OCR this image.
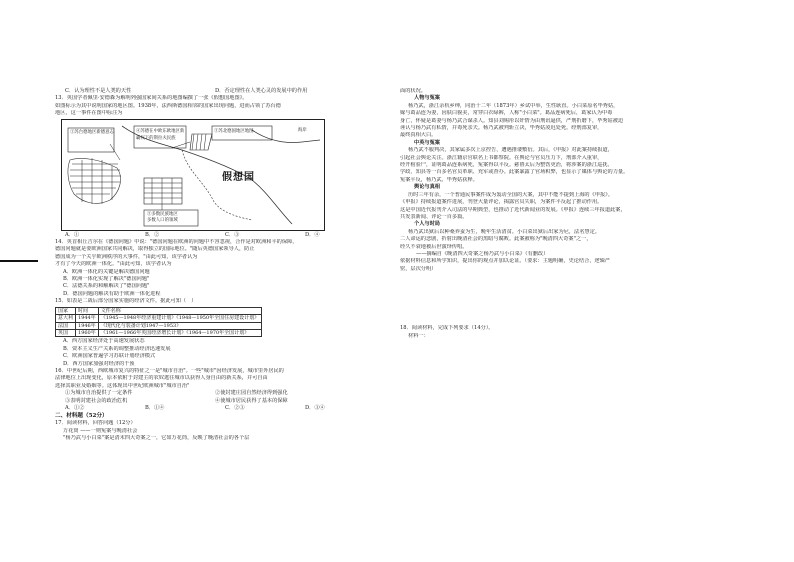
C．认为理性不是人类的天性	D．否定理性在人类心灵的发展中的作用
13．英国学者佩里·安德森为解明列强国家间关系的地图编撰了一张《假想国地图》。
如图标示为其中说明国家的地区图。1938年，法西斯德国相邻的国家出现问题，进而占领了苏台德
地区，这一事件在图中标注为
①苏台德地区新德意志	③苏北德国地区地图
④苏德在中欧东欧地区新
霸权下的斯拉夫民族
海岸
假想国
⑤多数民族地区
多数人口的领域
A．①	B．②	C．③	D．④
14．英首相丘吉尔在《德国问题》中说："德国问题在欧洲的问题中不容忽视，合作是对欧洲和平的保障，
德国问题就是要欧洲国家共同解决，取得独立的国际地位。"随后英德国家领导人，防止
德国成为一个关乎欧洲秩序的大事件，"由此可知，该学者认为
才有了今天的欧洲一体化。"由此可知，该学者认为
A．欧洲一体化的关键是解决德国问题
B．欧洲一体化实现了解决"德国问题"
C．法德关系的和解解决了"德国问题"
D．德国问题的解决有助于欧洲一体化进程
15．如表是二战后部分国家实施的经济文件。据此可知（　）
国家	时间	文件名称
意大利	1944年	《1945—1948年经济重建计划》《1948—1950年全国住房建设计划》
法国	1946年	《现代化与装备计划1947—1953》
英国	1960年	《1961—1966年英国经济增长计划》《1964—1970年全国计划》
A．西方国家经济处于高速发展状态
B．资本主义生产关系的调整推动经济迅速发展
C．欧洲国家普遍学习苏联计划经济模式
D．西方国家加强对经济的干预
16．中世纪后期，西欧城市复兴的特征之一是"城市自治"。一些"城市"因经济发展，城市里外居民的
法律地位上出现变化，原本依附于封建主的农奴逃往城市以获得人身自由的新关系，并可自由
选择其职业及婚姻等。这体现出中世纪欧洲城市"城市自治"
①为城市自治提供了一定条件	②使封建庄园自然经济得到强化
③表明封建社会的政治危机	④使城市居民获得了基本的保障
A．①②	B．①④	C．②③	D．③④
二、材料题（52分）
17．阅读材料，回答问题（12分）
万花筒 ——一则冤案与晚清社会
"杨乃武与小白菜"案是清末四大奇案之一，它如万花筒，反映了晚清社会的各个层
面的状况。
人物与冤案
杨乃武，浙江余杭乡绅，同治十二年（1873年）乡试中举，生性耿直。小白菜原名毕秀姑，
嫁与葛品连为妻，因肤白貌美，常穿白衣绿裤，人称"小白菜"。葛品连病死后，葛家认为中毒
身亡，怀疑是葛妻与杨乃武合谋杀人。知县刘锡彤以奸情为由刑讯逼供，严刑折磨下，毕秀姑被迫
诬认与杨乃武有私情，并毒死亲夫。杨乃武被判斩立决，毕秀姑凌迟处死。经刑部复审，
最终真相大白。
中英与冤案
杨乃武不服判决，其家属多次上京控告，遭遇推诿敷衍。其后，《申报》对此案持续报道，
引起社会舆论关注。浙江籍京官联名上书都察院。在舆论与官员压力下，刑部介入重审，
经开棺验尸，证明葛品连系病死，冤案得以平反。慈禧太后为整饬吏治，将涉案的浙江巡抚、
学政、知县等一百多名官员革职、充军或查办。此案暴露了官场积弊，也显示了媒体与舆论的力量。
冤案平反，杨乃武、毕秀姑获释。
舆论与真相
历时三年有余，一个普通民事案件成为轰动全国的大案，其中不能不提到上海的《申报》。
《申报》持续报道案件进展，刊登大量评论，揭露官员失职，为案件平反起了推动作用。
这是中国近代报刊介入司法的早期典型，也推动了近代新闻业的发展。《申报》连续三年报道此案，
共发表新闻、评论一百多篇。
个人与时局
杨乃武出狱后以种桑养蚕为生，晚年生活清贫。小白菜出狱后出家为尼，法名慧定。
二人命运的悲剧，折射出晚清社会的黑暗与腐败。此案被称为"晚清四大奇案"之一，
经久不衰地被后世演绎传唱。
——摘编自《晚清四大奇案之杨乃武与小白菜》（有删改）
依据材料信息和所学知识，提出你的观点并加以论证。（要求：主题明确，史论结合，逻辑严
密，层次分明）
18．阅读材料，完成下列要求（14分）。
材料一：
